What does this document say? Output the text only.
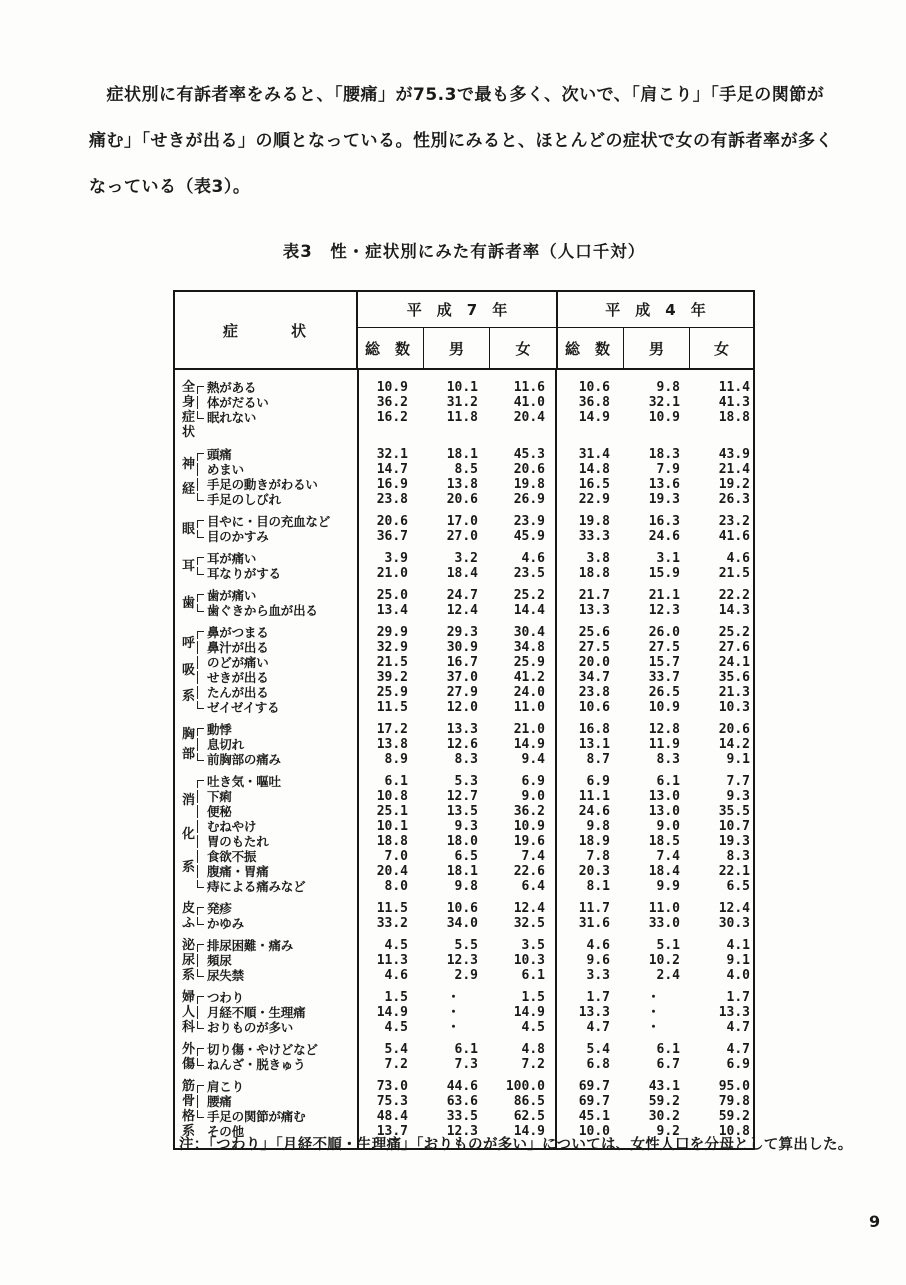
　症状別に有訴者率をみると、「腰痛」が75.3で最も多く、次いで、「肩こり」「手足の関節が
痛む」「せきが出る」の順となっている。性別にみると、ほとんどの症状で女の有訴者率が多く
なっている（表3）。
表3　性・症状別にみた有訴者率（人口千対）
症　　　状
平　成　7　年
総　数	男	女
平　成　4　年
総　数	男	女
全
身
症
状
熱がある	10.9	10.1	11.6	10.6	9.8	11.4
体がだるい	36.2	31.2	41.0	36.8	32.1	41.3
眠れない	16.2	11.8	20.4	14.9	10.9	18.8
神
経
頭痛	32.1	18.1	45.3	31.4	18.3	43.9
めまい	14.7	8.5	20.6	14.8	7.9	21.4
手足の動きがわるい	16.9	13.8	19.8	16.5	13.6	19.2
手足のしびれ	23.8	20.6	26.9	22.9	19.3	26.3
眼 目やに・目の充血など	20.6	17.0	23.9	19.8	16.3	23.2
目のかすみ	36.7	27.0	45.9	33.3	24.6	41.6
耳 耳が痛い	3.9	3.2	4.6	3.8	3.1	4.6
耳なりがする	21.0	18.4	23.5	18.8	15.9	21.5
歯 歯が痛い	25.0	24.7	25.2	21.7	21.1	22.2
歯ぐきから血が出る	13.4	12.4	14.4	13.3	12.3	14.3
呼
吸
系
鼻がつまる	29.9	29.3	30.4	25.6	26.0	25.2
鼻汁が出る	32.9	30.9	34.8	27.5	27.5	27.6
のどが痛い	21.5	16.7	25.9	20.0	15.7	24.1
せきが出る	39.2	37.0	41.2	34.7	33.7	35.6
たんが出る	25.9	27.9	24.0	23.8	26.5	21.3
ゼイゼイする	11.5	12.0	11.0	10.6	10.9	10.3
胸
部
動悸	17.2	13.3	21.0	16.8	12.8	20.6
息切れ	13.8	12.6	14.9	13.1	11.9	14.2
前胸部の痛み	8.9	8.3	9.4	8.7	8.3	9.1
消
化
系
吐き気・嘔吐	6.1	5.3	6.9	6.9	6.1	7.7
下痢	10.8	12.7	9.0	11.1	13.0	9.3
便秘	25.1	13.5	36.2	24.6	13.0	35.5
むねやけ	10.1	9.3	10.9	9.8	9.0	10.7
胃のもたれ	18.8	18.0	19.6	18.9	18.5	19.3
食欲不振	7.0	6.5	7.4	7.8	7.4	8.3
腹痛・胃痛	20.4	18.1	22.6	20.3	18.4	22.1
痔による痛みなど	8.0	9.8	6.4	8.1	9.9	6.5
皮
ふ
発疹	11.5	10.6	12.4	11.7	11.0	12.4
かゆみ	33.2	34.0	32.5	31.6	33.0	30.3
泌
尿
系
排尿困難・痛み	4.5	5.5	3.5	4.6	5.1	4.1
頻尿	11.3	12.3	10.3	9.6	10.2	9.1
尿失禁	4.6	2.9	6.1	3.3	2.4	4.0
婦
人
科
つわり	1.5	・	1.5	1.7	・	1.7
月経不順・生理痛	14.9	・	14.9	13.3	・	13.3
おりものが多い	4.5	・	4.5	4.7	・	4.7
外
傷
切り傷・やけどなど	5.4	6.1	4.8	5.4	6.1	4.7
ねんざ・脱きゅう	7.2	7.3	7.2	6.8	6.7	6.9
筋
骨
格
系
肩こり	73.0	44.6	100.0	69.7	43.1	95.0
腰痛	75.3	63.6	86.5	69.7	59.2	79.8
手足の関節が痛む	48.4	33.5	62.5	45.1	30.2	59.2
その他	13.7	12.3	14.9	10.0	9.2	10.8
注：「つわり」「月経不順・生理痛」「おりものが多い」については、女性人口を分母として算出した。
9
